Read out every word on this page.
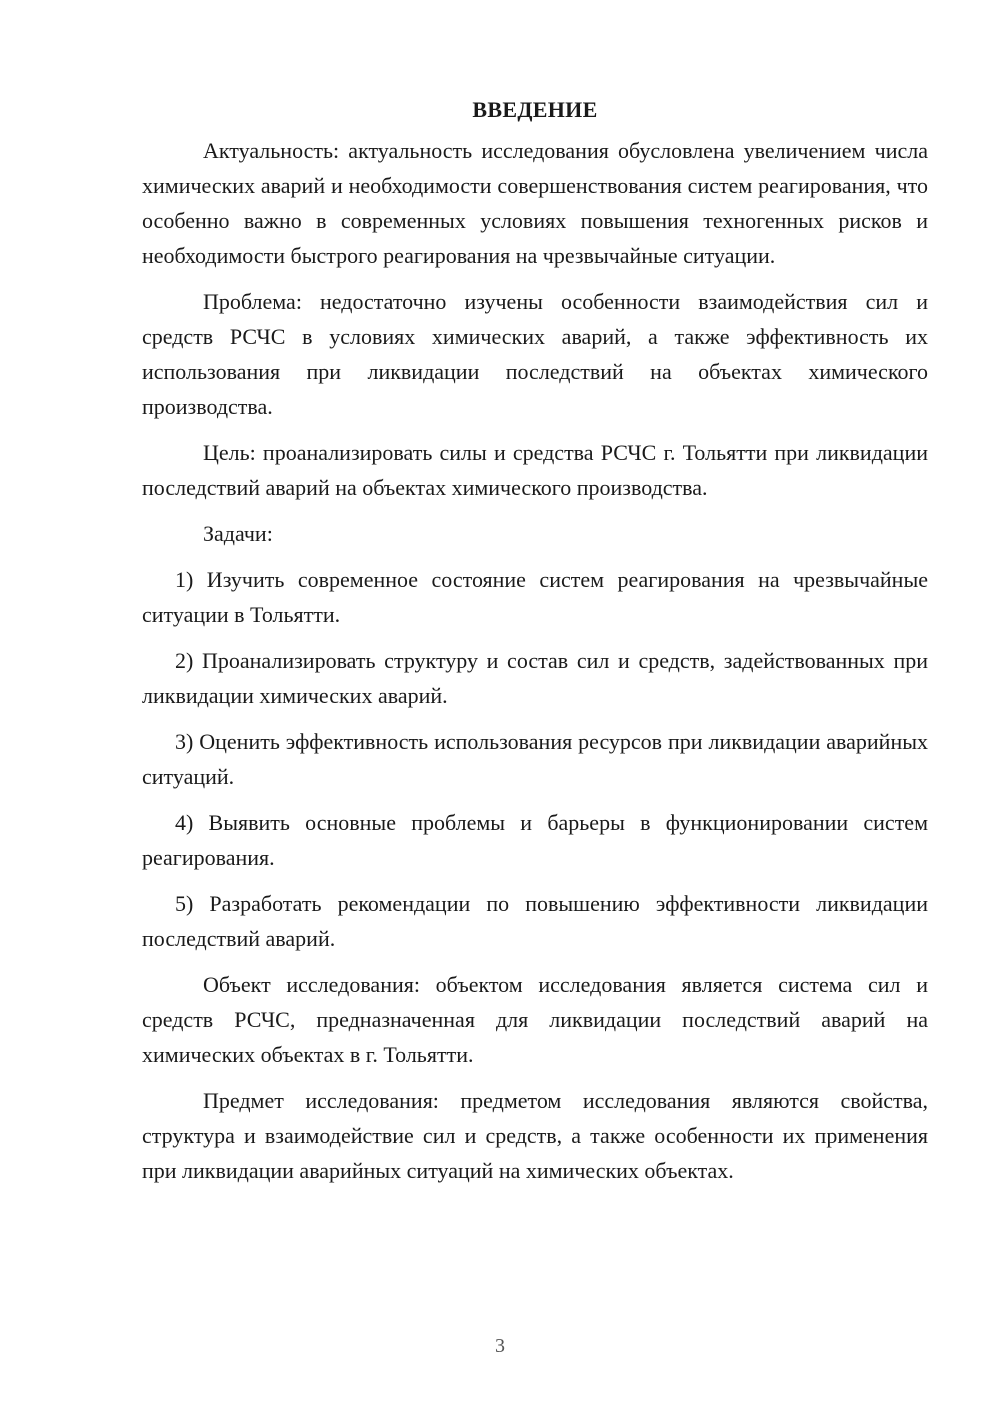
ВВЕДЕНИЕ

Актуальность: актуальность исследования обусловлена увеличением числа химических аварий и необходимости совершенствования систем реагирования, что особенно важно в современных условиях повышения техногенных рисков и необходимости быстрого реагирования на чрезвычайные ситуации.

Проблема: недостаточно изучены особенности взаимодействия сил и средств РСЧС в условиях химических аварий, а также эффективность их использования при ликвидации последствий на объектах химического производства.

Цель: проанализировать силы и средства РСЧС г. Тольятти при ликвидации последствий аварий на объектах химического производства.

Задачи:

1) Изучить современное состояние систем реагирования на чрезвычайные ситуации в Тольятти.

2) Проанализировать структуру и состав сил и средств, задействованных при ликвидации химических аварий.

3) Оценить эффективность использования ресурсов при ликвидации аварийных ситуаций.

4) Выявить основные проблемы и барьеры в функционировании систем реагирования.

5) Разработать рекомендации по повышению эффективности ликвидации последствий аварий.

Объект исследования: объектом исследования является система сил и средств РСЧС, предназначенная для ликвидации последствий аварий на химических объектах в г. Тольятти.

Предмет исследования: предметом исследования являются свойства, структура и взаимодействие сил и средств, а также особенности их применения при ликвидации аварийных ситуаций на химических объектах.

3
